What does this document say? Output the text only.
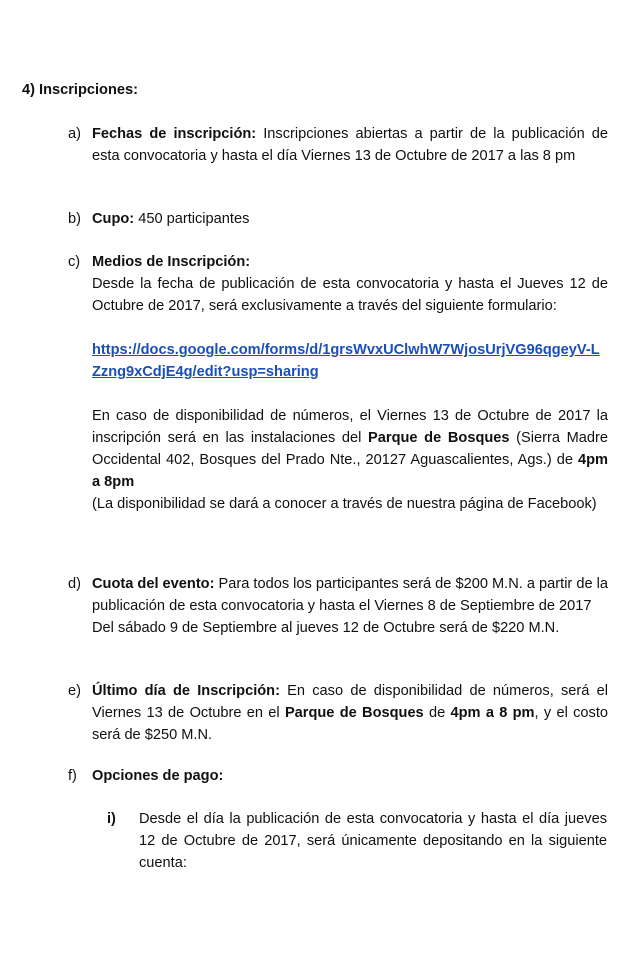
4) Inscripciones:
a) Fechas de inscripción: Inscripciones abiertas a partir de la publicación de esta convocatoria y hasta el día Viernes 13 de Octubre de 2017 a las 8 pm

b) Cupo: 450 participantes

c) Medios de Inscripción:

Desde la fecha de publicación de esta convocatoria y hasta el Jueves 12 de Octubre de 2017, será exclusivamente a través del siguiente formulario:

https://docs.google.com/forms/d/1grsWvxUClwhW7WjosUrjVG96qgeyV-LZzng9xCdjE4g/edit?usp=sharing

En caso de disponibilidad de números, el Viernes 13 de Octubre de 2017 la inscripción será en las instalaciones del Parque de Bosques (Sierra Madre Occidental 402, Bosques del Prado Nte., 20127 Aguascalientes, Ags.) de 4pm a 8pm

(La disponibilidad se dará a conocer a través de nuestra página de Facebook)

d) Cuota del evento: Para todos los participantes será de $200 M.N. a partir de la publicación de esta convocatoria y hasta el Viernes 8 de Septiembre de 2017

Del sábado 9 de Septiembre al jueves 12 de Octubre será de $220 M.N.

e) Último día de Inscripción: En caso de disponibilidad de números, será el Viernes 13 de Octubre en el Parque de Bosques de 4pm a 8 pm, y el costo será de $250 M.N.

f) Opciones de pago:

i) Desde el día la publicación de esta convocatoria y hasta el día jueves 12 de Octubre de 2017, será únicamente depositando en la siguiente cuenta:
